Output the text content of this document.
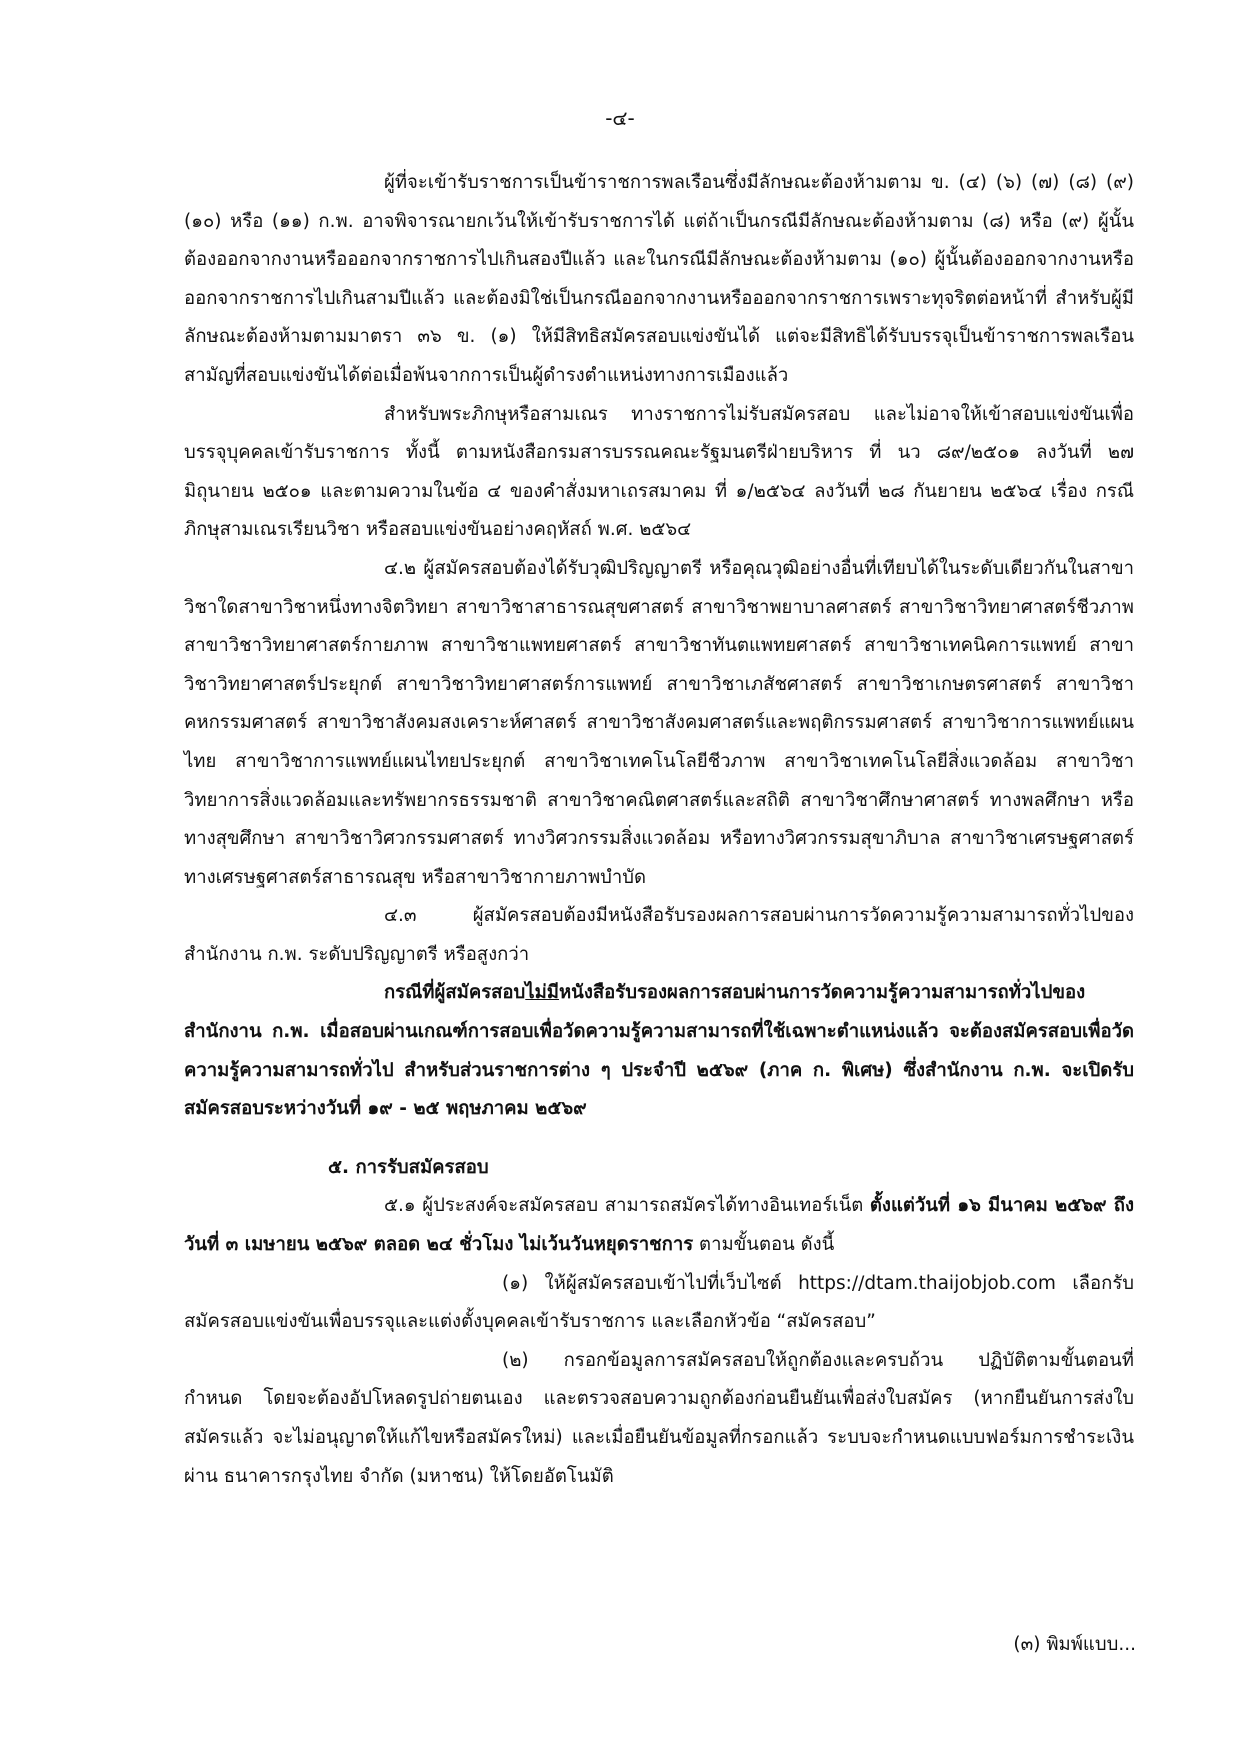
-๔-

ผู้ที่จะเข้ารับราชการเป็นข้าราชการพลเรือนซึ่งมีลักษณะต้องห้ามตาม ข. (๔) (๖) (๗) (๘) (๙) (๑๐) หรือ (๑๑) ก.พ. อาจพิจารณายกเว้นให้เข้ารับราชการได้ แต่ถ้าเป็นกรณีมีลักษณะต้องห้ามตาม (๘) หรือ (๙) ผู้นั้นต้องออกจากงานหรือออกจากราชการไปเกินสองปีแล้ว และในกรณีมีลักษณะต้องห้ามตาม (๑๐) ผู้นั้นต้องออกจากงานหรือออกจากราชการไปเกินสามปีแล้ว และต้องมิใช่เป็นกรณีออกจากงานหรือออกจากราชการเพราะทุจริตต่อหน้าที่ สำหรับผู้มีลักษณะต้องห้ามตามมาตรา ๓๖ ข. (๑) ให้มีสิทธิสมัครสอบแข่งขันได้ แต่จะมีสิทธิได้รับบรรจุเป็นข้าราชการพลเรือนสามัญที่สอบแข่งขันได้ต่อเมื่อพ้นจากการเป็นผู้ดำรงตำแหน่งทางการเมืองแล้ว

สำหรับพระภิกษุหรือสามเณร ทางราชการไม่รับสมัครสอบ และไม่อาจให้เข้าสอบแข่งขันเพื่อบรรจุบุคคลเข้ารับราชการ ทั้งนี้ ตามหนังสือกรมสารบรรณคณะรัฐมนตรีฝ่ายบริหาร ที่ นว ๘๙/๒๕๐๑ ลงวันที่ ๒๗ มิถุนายน ๒๕๐๑ และตามความในข้อ ๔ ของคำสั่งมหาเถรสมาคม ที่ ๑/๒๕๖๔ ลงวันที่ ๒๘ กันยายน ๒๕๖๔ เรื่อง กรณีภิกษุสามเณรเรียนวิชา หรือสอบแข่งขันอย่างคฤหัสถ์ พ.ศ. ๒๕๖๔

๔.๒ ผู้สมัครสอบต้องได้รับวุฒิปริญญาตรี หรือคุณวุฒิอย่างอื่นที่เทียบได้ในระดับเดียวกันในสาขาวิชาใดสาขาวิชาหนึ่งทางจิตวิทยา สาขาวิชาสาธารณสุขศาสตร์ สาขาวิชาพยาบาลศาสตร์ สาขาวิชาวิทยาศาสตร์ชีวภาพ สาขาวิชาวิทยาศาสตร์กายภาพ สาขาวิชาแพทยศาสตร์ สาขาวิชาทันตแพทยศาสตร์ สาขาวิชาเทคนิคการแพทย์ สาขาวิชาวิทยาศาสตร์ประยุกต์ สาขาวิชาวิทยาศาสตร์การแพทย์ สาขาวิชาเภสัชศาสตร์ สาขาวิชาเกษตรศาสตร์ สาขาวิชาคหกรรมศาสตร์ สาขาวิชาสังคมสงเคราะห์ศาสตร์ สาขาวิชาสังคมศาสตร์และพฤติกรรมศาสตร์ สาขาวิชาการแพทย์แผนไทย สาขาวิชาการแพทย์แผนไทยประยุกต์ สาขาวิชาเทคโนโลยีชีวภาพ สาขาวิชาเทคโนโลยีสิ่งแวดล้อม สาขาวิชาวิทยาการสิ่งแวดล้อมและทรัพยากรธรรมชาติ สาขาวิชาคณิตศาสตร์และสถิติ สาขาวิชาศึกษาศาสตร์ ทางพลศึกษา หรือทางสุขศึกษา สาขาวิชาวิศวกรรมศาสตร์ ทางวิศวกรรมสิ่งแวดล้อม หรือทางวิศวกรรมสุขาภิบาล สาขาวิชาเศรษฐศาสตร์ ทางเศรษฐศาสตร์สาธารณสุข หรือสาขาวิชากายภาพบำบัด

๔.๓ ผู้สมัครสอบต้องมีหนังสือรับรองผลการสอบผ่านการวัดความรู้ความสามารถทั่วไปของสำนักงาน ก.พ. ระดับปริญญาตรี หรือสูงกว่า

กรณีที่ผู้สมัครสอบไม่มีหนังสือรับรองผลการสอบผ่านการวัดความรู้ความสามารถทั่วไปของสำนักงาน ก.พ. เมื่อสอบผ่านเกณฑ์การสอบเพื่อวัดความรู้ความสามารถที่ใช้เฉพาะตำแหน่งแล้ว จะต้องสมัครสอบเพื่อวัดความรู้ความสามารถทั่วไป สำหรับส่วนราชการต่าง ๆ ประจำปี ๒๕๖๙ (ภาค ก. พิเศษ) ซึ่งสำนักงาน ก.พ. จะเปิดรับสมัครสอบระหว่างวันที่ ๑๙ - ๒๕ พฤษภาคม ๒๕๖๙

๕. การรับสมัครสอบ

๕.๑ ผู้ประสงค์จะสมัครสอบ สามารถสมัครได้ทางอินเทอร์เน็ต ตั้งแต่วันที่ ๑๖ มีนาคม ๒๕๖๙ ถึงวันที่ ๓ เมษายน ๒๕๖๙ ตลอด ๒๔ ชั่วโมง ไม่เว้นวันหยุดราชการ ตามขั้นตอน ดังนี้

(๑) ให้ผู้สมัครสอบเข้าไปที่เว็บไซต์ https://dtam.thaijobjob.com เลือกรับสมัครสอบแข่งขันเพื่อบรรจุและแต่งตั้งบุคคลเข้ารับราชการ และเลือกหัวข้อ “สมัครสอบ”

(๒) กรอกข้อมูลการสมัครสอบให้ถูกต้องและครบถ้วน ปฏิบัติตามขั้นตอนที่กำหนด โดยจะต้องอัปโหลดรูปถ่ายตนเอง และตรวจสอบความถูกต้องก่อนยืนยันเพื่อส่งใบสมัคร (หากยืนยันการส่งใบสมัครแล้ว จะไม่อนุญาตให้แก้ไขหรือสมัครใหม่) และเมื่อยืนยันข้อมูลที่กรอกแล้ว ระบบจะกำหนดแบบฟอร์มการชำระเงินผ่าน ธนาคารกรุงไทย จำกัด (มหาชน) ให้โดยอัตโนมัติ

(๓) พิมพ์แบบ...
